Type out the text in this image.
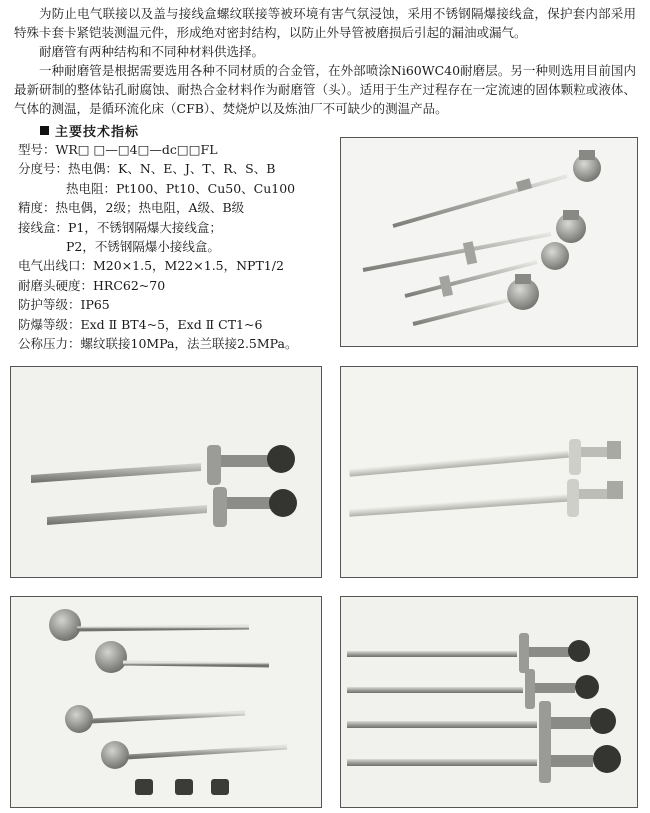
为防止电气联接以及盖与接线盒螺纹联接等被环境有害气氛浸蚀，采用不锈钢隔爆接线盒，保护套内部采用特殊卡套卡紧铠装测温元件，形成绝对密封结构，以防止外导管被磨损后引起的漏油或漏气。

耐磨管有两种结构和不同种材料供选择。

一种耐磨管是根据需要选用各种不同材质的合金管，在外部喷涂Ni60WC40耐磨层。另一种则选用目前国内最新研制的整体钻孔耐腐蚀、耐热合金材料作为耐磨管（头）。适用于生产过程存在一定流速的固体颗粒或液体、气体的测温，是循环流化床（CFB）、焚烧炉以及炼油厂不可缺少的测温产品。

主要技术指标
型号：WR□ □—□4□—dc□□FL
分度号：热电偶：K、N、E、J、T、R、S、B
热电阻：Pt100、Pt10、Cu50、Cu100
精度：热电偶，2级；热电阻，A级、B级
接线盒：P1，不锈钢隔爆大接线盒；
P2，不锈钢隔爆小接线盒。
电气出线口：M20×1.5，M22×1.5，NPT1/2
耐磨头硬度：HRC62~70
防护等级：IP65
防爆等级：Exd Ⅱ BT4~5，Exd Ⅱ CT1~6
公称压力：螺纹联接10MPa，法兰联接2.5MPa。
